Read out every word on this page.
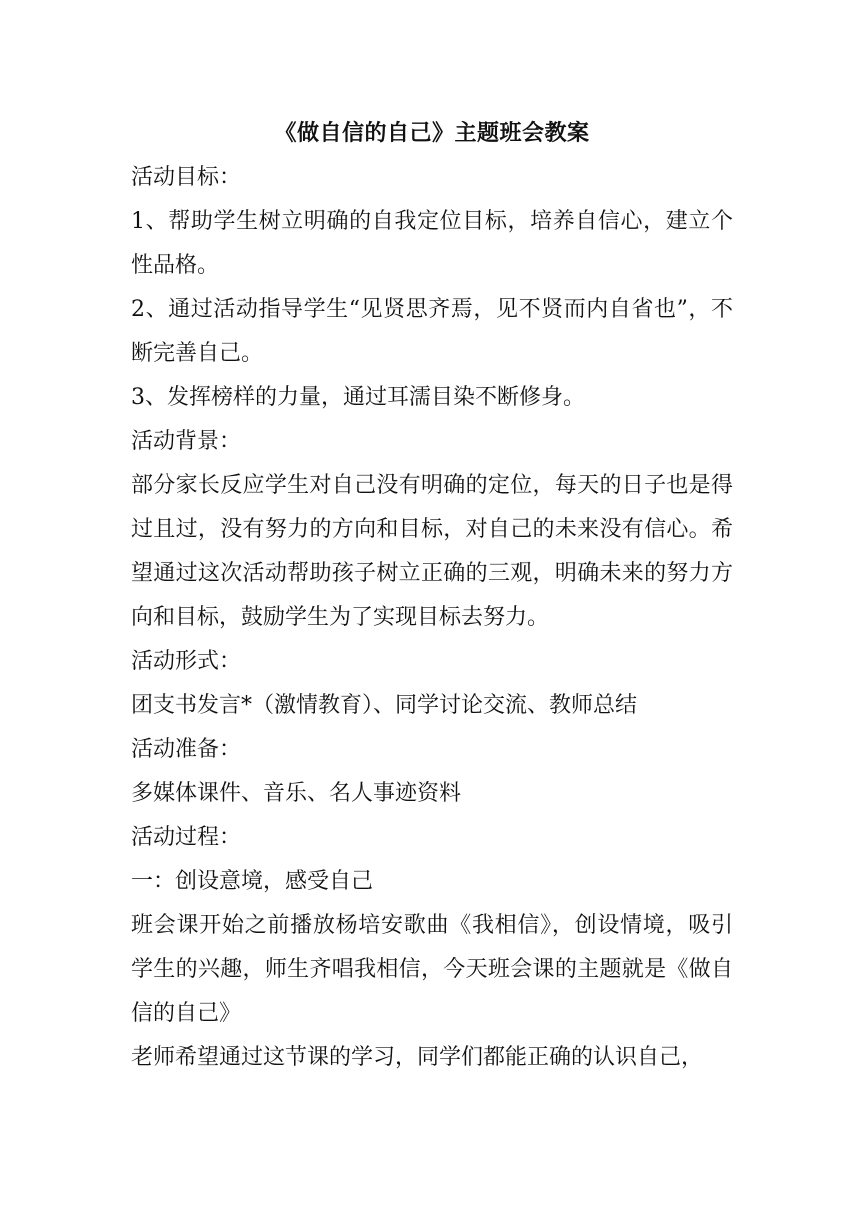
《做自信的自己》主题班会教案
活动目标：
1、帮助学生树立明确的自我定位目标，培养自信心，建立个性品格。
2、通过活动指导学生“见贤思齐焉，见不贤而内自省也”，不断完善自己。
3、发挥榜样的力量，通过耳濡目染不断修身。
活动背景：
部分家长反应学生对自己没有明确的定位，每天的日子也是得过且过，没有努力的方向和目标，对自己的未来没有信心。希望通过这次活动帮助孩子树立正确的三观，明确未来的努力方向和目标，鼓励学生为了实现目标去努力。
活动形式：
团支书发言*（激情教育）、同学讨论交流、教师总结
活动准备：
多媒体课件、音乐、名人事迹资料
活动过程：
一：创设意境，感受自己
班会课开始之前播放杨培安歌曲《我相信》，创设情境，吸引学生的兴趣，师生齐唱我相信，今天班会课的主题就是《做自信的自己》
老师希望通过这节课的学习，同学们都能正确的认识自己，
